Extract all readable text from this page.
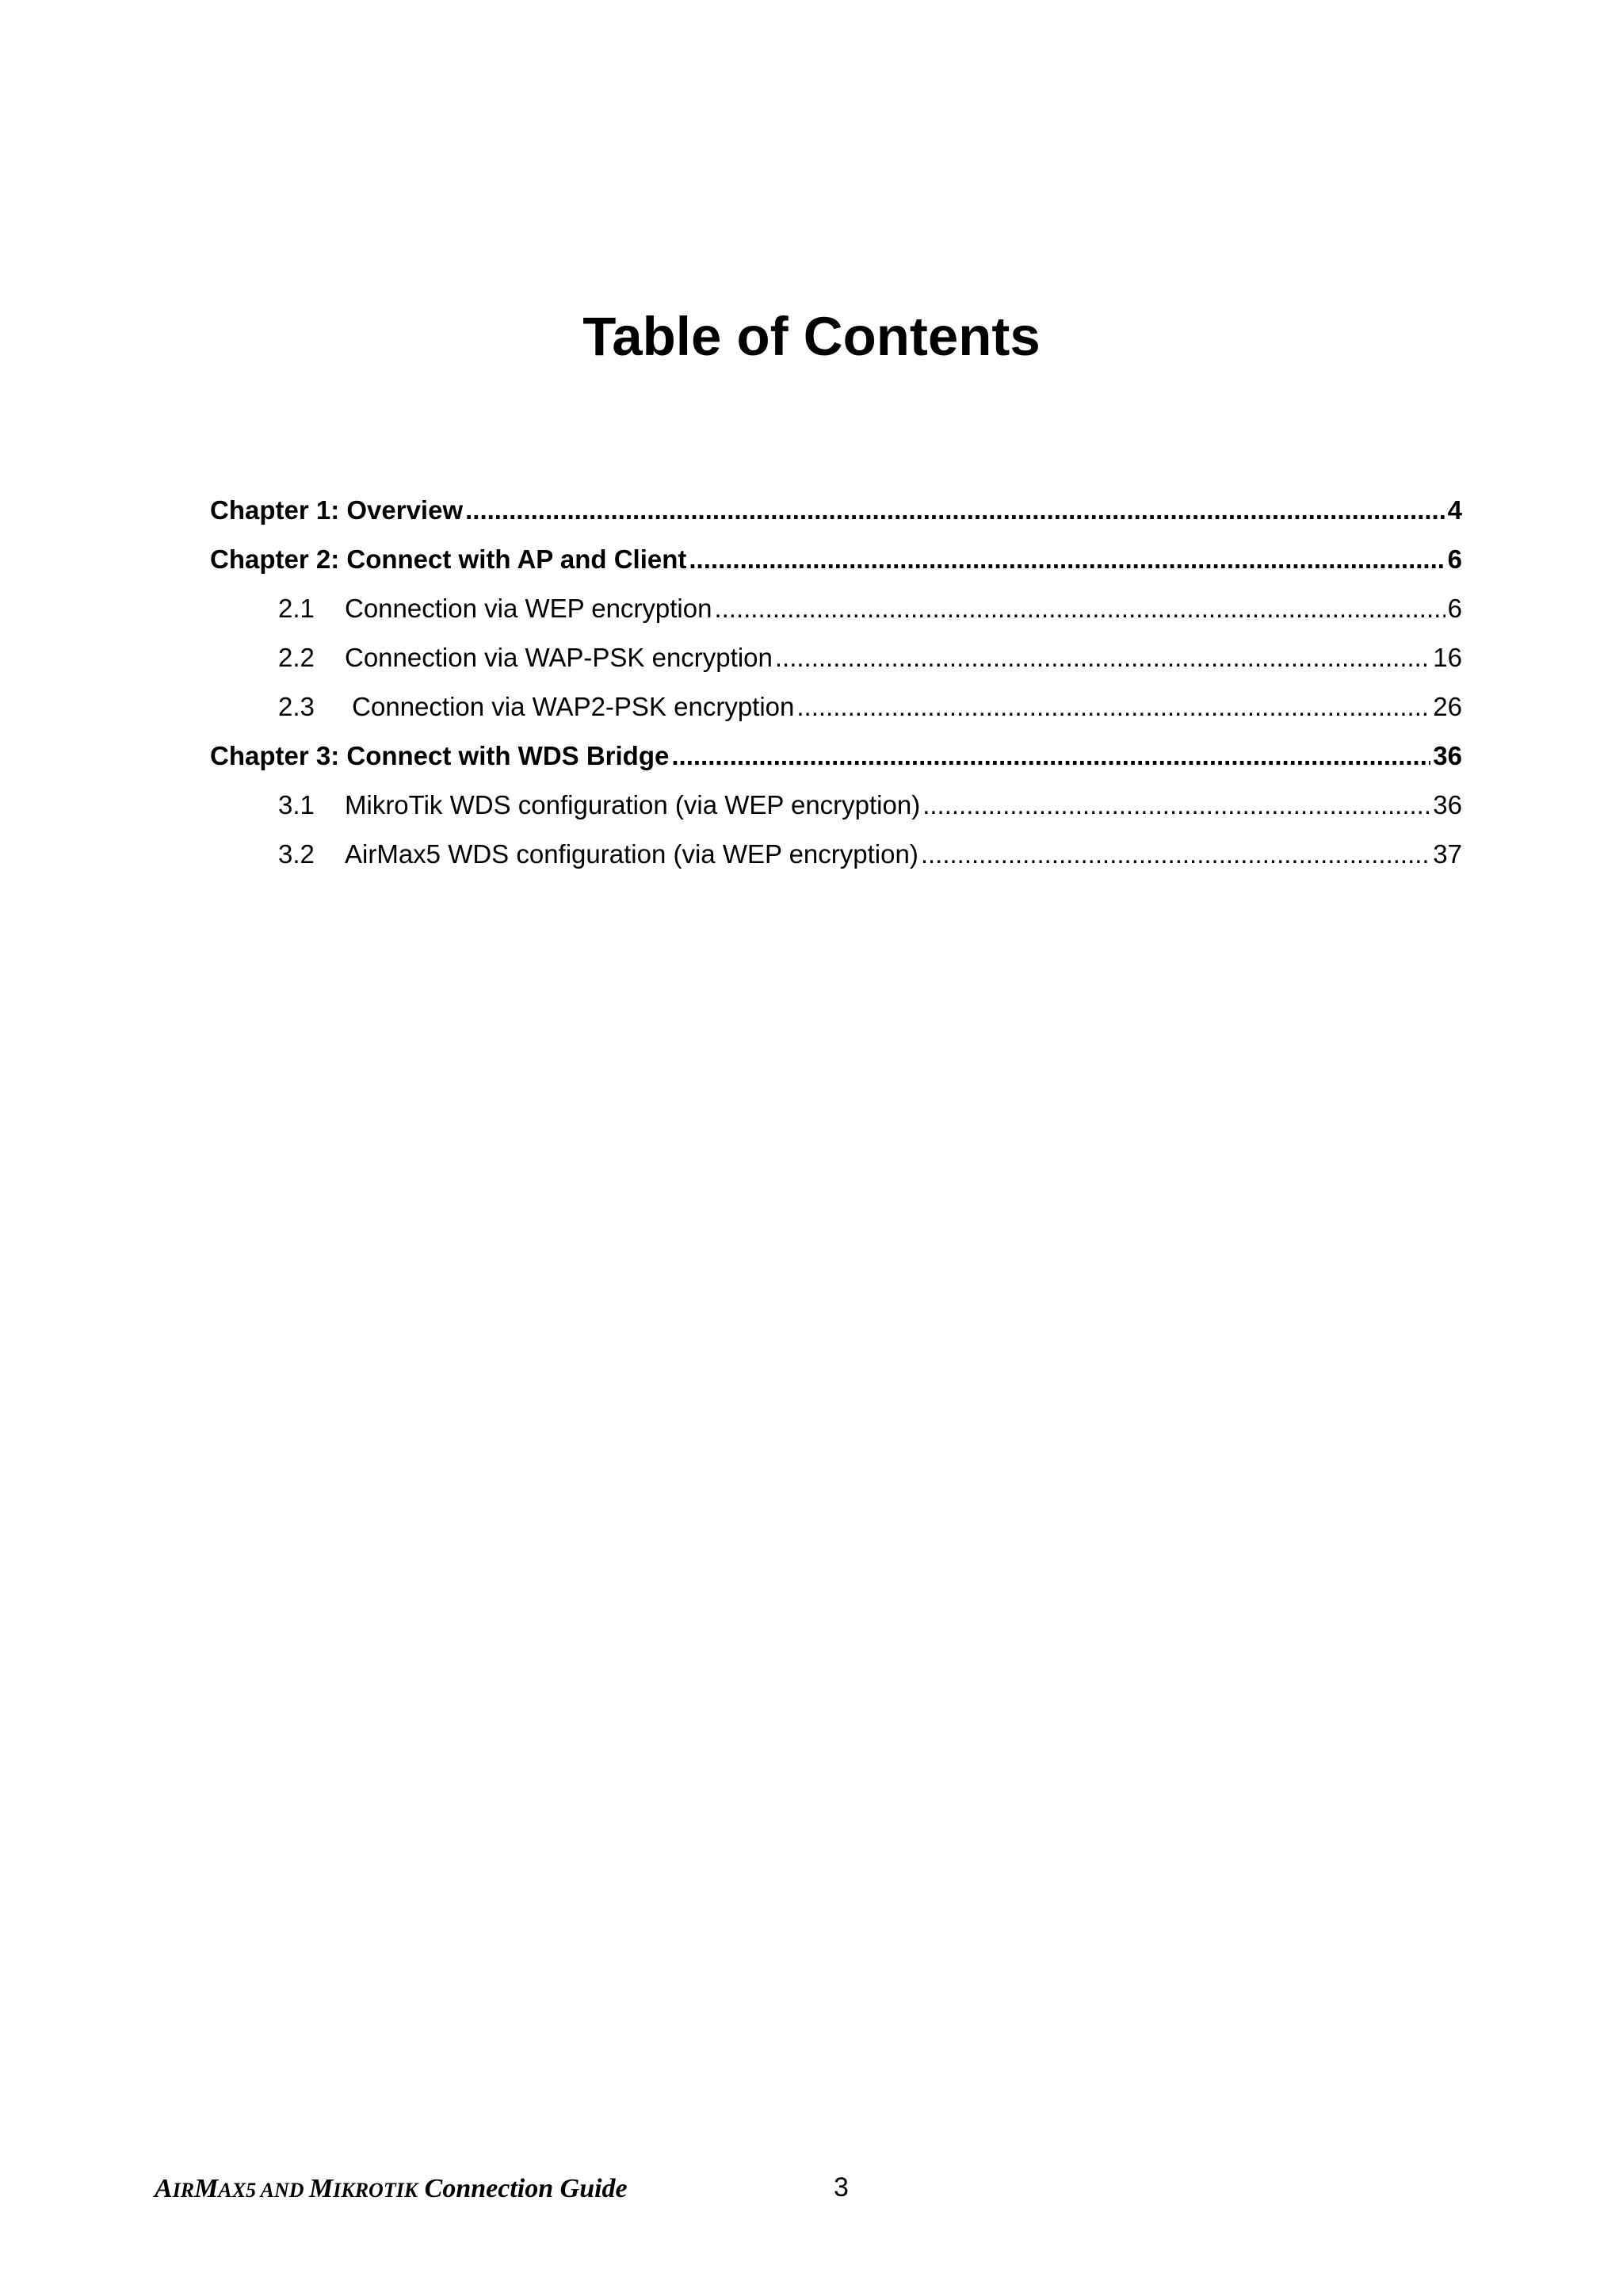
Table of Contents
Chapter 1: Overview .....	4
Chapter 2: Connect with AP and Client .....	6
2.1	Connection via WEP encryption .....	6
2.2	Connection via WAP-PSK encryption .....	16
2.3	Connection via WAP2-PSK encryption .....	26
Chapter 3: Connect with WDS Bridge .....	36
3.1	MikroTik WDS configuration (via WEP encryption) .....	36
3.2	AirMax5 WDS configuration (via WEP encryption) .....	37
AIRMAX5 AND MIKROTIK Connection Guide	3
